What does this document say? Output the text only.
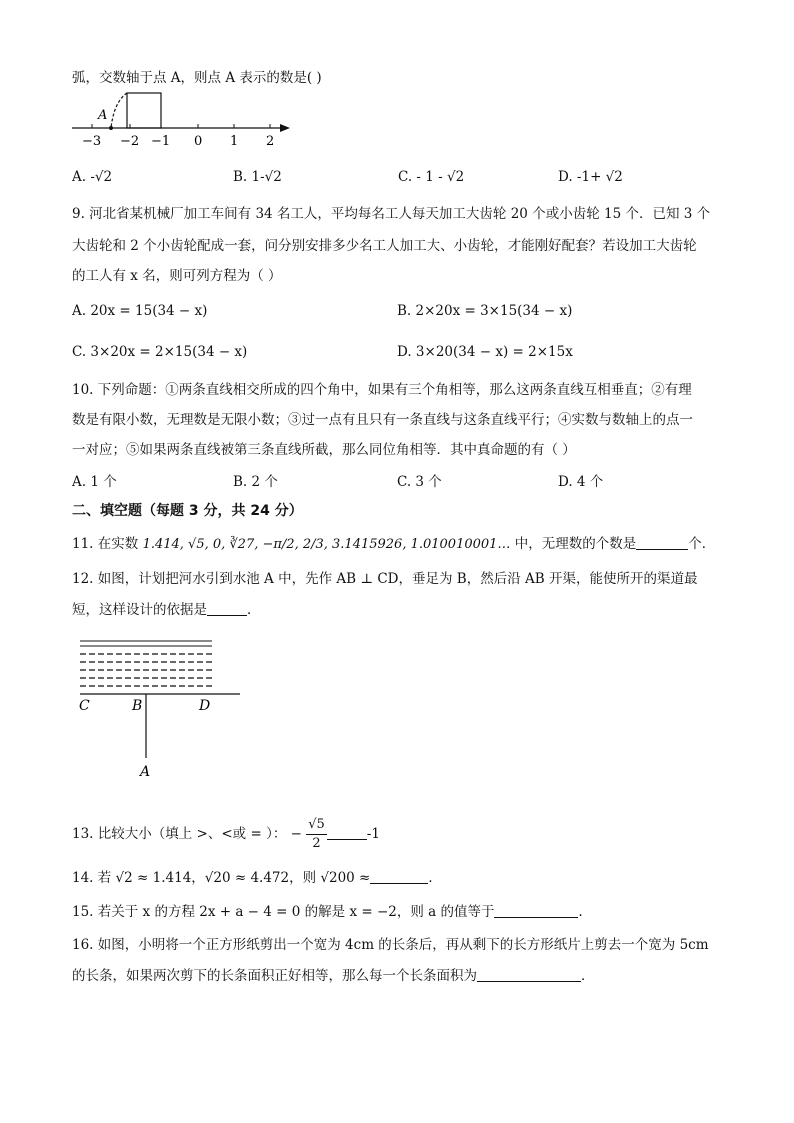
弧，交数轴于点 A，则点 A 表示的数是( )
A
−3 −2 −1 0 1 2
A. -√2	B. 1-√2	C. - 1 - √2	D. -1+ √2
9. 河北省某机械厂加工车间有 34 名工人，平均每名工人每天加工大齿轮 20 个或小齿轮 15 个．已知 3 个
大齿轮和 2 个小齿轮配成一套，问分别安排多少名工人加工大、小齿轮，才能刚好配套？若设加工大齿轮
的工人有 x 名，则可列方程为（ ）
A. 20x = 15(34 − x)	B. 2×20x = 3×15(34 − x)
C. 3×20x = 2×15(34 − x)	D. 3×20(34 − x) = 2×15x
10. 下列命题：①两条直线相交所成的四个角中，如果有三个角相等，那么这两条直线互相垂直；②有理
数是有限小数，无理数是无限小数；③过一点有且只有一条直线与这条直线平行；④实数与数轴上的点一
一对应；⑤如果两条直线被第三条直线所截，那么同位角相等．其中真命题的有（ ）
A. 1 个	B. 2 个	C. 3 个	D. 4 个
二、填空题（每题 3 分，共 24 分）
11. 在实数 1.414, √5, 0, ∛27, −π/2, 2/3, 3.1415926, 1.010010001… 中，无理数的个数是	个．
12. 如图，计划把河水引到水池 A 中，先作 AB ⊥ CD，垂足为 B，然后沿 AB 开渠，能使所开的渠道最
短，这样设计的依据是	．
C	B	D
A
13. 比较大小（填上 >、<或 = ）： − $\frac{√5}{2}$	-1
14. 若 √2 ≈ 1.414，√20 ≈ 4.472，则 √200 ≈	．
15. 若关于 x 的方程 2x + a − 4 = 0 的解是 x = −2，则 a 的值等于	．
16. 如图，小明将一个正方形纸剪出一个宽为 4cm 的长条后，再从剩下的长方形纸片上剪去一个宽为 5cm
的长条，如果两次剪下的长条面积正好相等，那么每一个长条面积为	．
